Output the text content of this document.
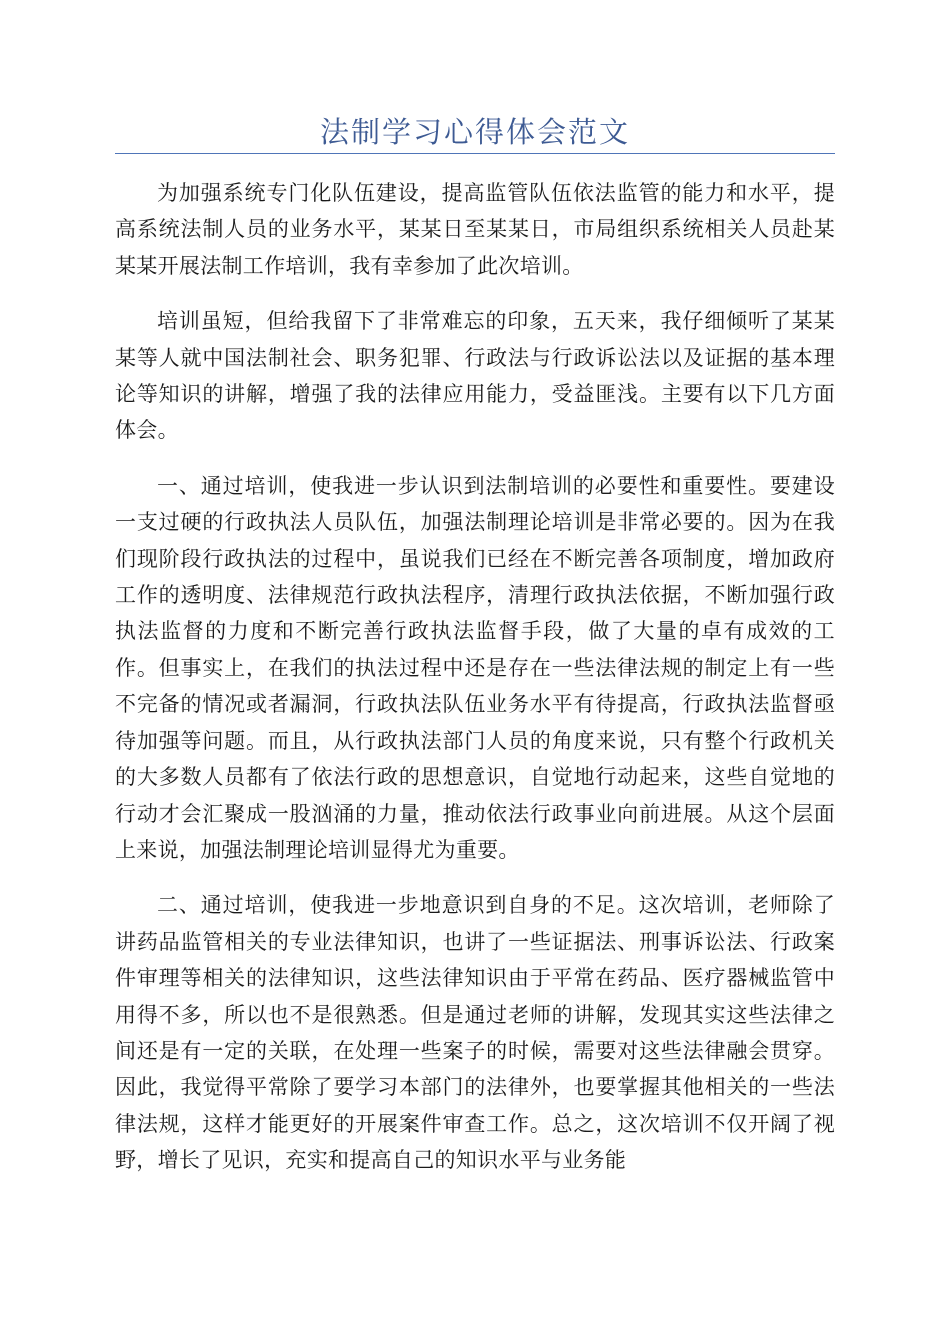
法制学习心得体会范文

为加强系统专门化队伍建设，提高监管队伍依法监管的能力和水平，提高系统法制人员的业务水平，某某日至某某日，市局组织系统相关人员赴某某某开展法制工作培训，我有幸参加了此次培训。

培训虽短，但给我留下了非常难忘的印象，五天来，我仔细倾听了某某某等人就中国法制社会、职务犯罪、行政法与行政诉讼法以及证据的基本理论等知识的讲解，增强了我的法律应用能力，受益匪浅。主要有以下几方面体会。

一、通过培训，使我进一步认识到法制培训的必要性和重要性。要建设一支过硬的行政执法人员队伍，加强法制理论培训是非常必要的。因为在我们现阶段行政执法的过程中，虽说我们已经在不断完善各项制度，增加政府工作的透明度、法律规范行政执法程序，清理行政执法依据，不断加强行政执法监督的力度和不断完善行政执法监督手段，做了大量的卓有成效的工作。但事实上，在我们的执法过程中还是存在一些法律法规的制定上有一些不完备的情况或者漏洞，行政执法队伍业务水平有待提高，行政执法监督亟待加强等问题。而且，从行政执法部门人员的角度来说，只有整个行政机关的大多数人员都有了依法行政的思想意识，自觉地行动起来，这些自觉地的行动才会汇聚成一股汹涌的力量，推动依法行政事业向前进展。从这个层面上来说，加强法制理论培训显得尤为重要。

二、通过培训，使我进一步地意识到自身的不足。这次培训，老师除了讲药品监管相关的专业法律知识，也讲了一些证据法、刑事诉讼法、行政案件审理等相关的法律知识，这些法律知识由于平常在药品、医疗器械监管中用得不多，所以也不是很熟悉。但是通过老师的讲解，发现其实这些法律之间还是有一定的关联，在处理一些案子的时候，需要对这些法律融会贯穿。因此，我觉得平常除了要学习本部门的法律外，也要掌握其他相关的一些法律法规，这样才能更好的开展案件审查工作。总之，这次培训不仅开阔了视野，增长了见识，充实和提高自己的知识水平与业务能
